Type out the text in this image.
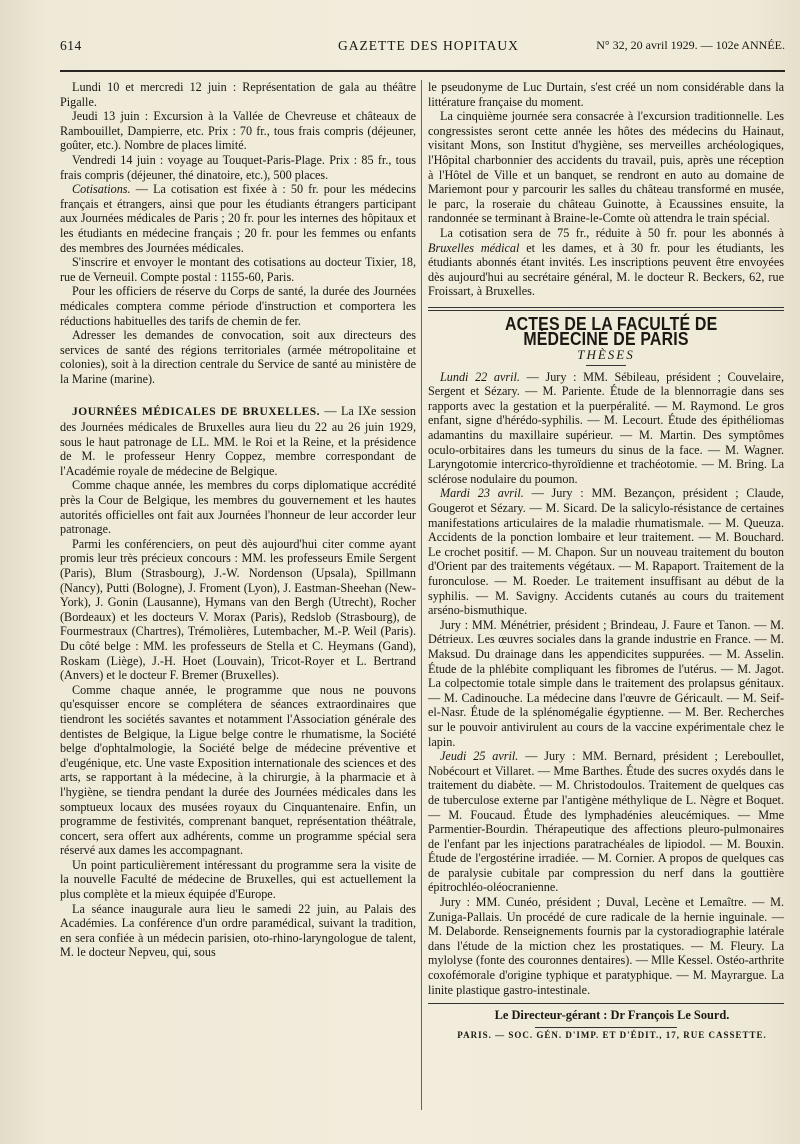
614	GAZETTE DES HOPITAUX	N° 32, 20 avril 1929. — 102e ANNÉE.

Lundi 10 et mercredi 12 juin : Représentation de gala au théâtre Pigalle.

Jeudi 13 juin : Excursion à la Vallée de Chevreuse et châteaux de Rambouillet, Dampierre, etc. Prix : 70 fr., tous frais compris (déjeuner, goûter, etc.). Nombre de places limité.

Vendredi 14 juin : voyage au Touquet-Paris-Plage. Prix : 85 fr., tous frais compris (déjeuner, thé dinatoire, etc.), 500 places.

Cotisations. — La cotisation est fixée à : 50 fr. pour les médecins français et étrangers, ainsi que pour les étudiants étrangers participant aux Journées médicales de Paris ; 20 fr. pour les internes des hôpitaux et les étudiants en médecine français ; 20 fr. pour les femmes ou enfants des membres des Journées médicales.

S'inscrire et envoyer le montant des cotisations au docteur Tixier, 18, rue de Verneuil. Compte postal : 1155-60, Paris.

Pour les officiers de réserve du Corps de santé, la durée des Journées médicales comptera comme période d'instruction et comportera les réductions habituelles des tarifs de chemin de fer.

Adresser les demandes de convocation, soit aux directeurs des services de santé des régions territoriales (armée métropolitaine et colonies), soit à la direction centrale du Service de santé au ministère de la Marine (marine).

JOURNÉES MÉDICALES DE BRUXELLES. — La IXe session des Journées médicales de Bruxelles aura lieu du 22 au 26 juin 1929, sous le haut patronage de LL. MM. le Roi et la Reine, et la présidence de M. le professeur Henry Coppez, membre correspondant de l'Académie royale de médecine de Belgique.

Comme chaque année, les membres du corps diplomatique accrédité près la Cour de Belgique, les membres du gouvernement et les hautes autorités officielles ont fait aux Journées l'honneur de leur accorder leur patronage.

Parmi les conférenciers, on peut dès aujourd'hui citer comme ayant promis leur très précieux concours : MM. les professeurs Emile Sergent (Paris), Blum (Strasbourg), J.-W. Nordenson (Upsala), Spillmann (Nancy), Putti (Bologne), J. Froment (Lyon), J. Eastman-Sheehan (New-York), J. Gonin (Lausanne), Hymans van den Bergh (Utrecht), Rocher (Bordeaux) et les docteurs V. Morax (Paris), Redslob (Strasbourg), de Fourmestraux (Chartres), Trémolières, Lutembacher, M.-P. Weil (Paris). Du côté belge : MM. les professeurs de Stella et C. Heymans (Gand), Roskam (Liège), J.-H. Hoet (Louvain), Tricot-Royer et L. Bertrand (Anvers) et le docteur F. Bremer (Bruxelles).

Comme chaque année, le programme que nous ne pouvons qu'esquisser encore se complétera de séances extraordinaires que tiendront les sociétés savantes et notamment l'Association générale des dentistes de Belgique, la Ligue belge contre le rhumatisme, la Société belge d'ophtalmologie, la Société belge de médecine préventive et d'eugénique, etc. Une vaste Exposition internationale des sciences et des arts, se rapportant à la médecine, à la chirurgie, à la pharmacie et à l'hygiène, se tiendra pendant la durée des Journées médicales dans les somptueux locaux des musées royaux du Cinquantenaire. Enfin, un programme de festivités, comprenant banquet, représentation théâtrale, concert, sera offert aux adhérents, comme un programme spécial sera réservé aux dames les accompagnant.

Un point particulièrement intéressant du programme sera la visite de la nouvelle Faculté de médecine de Bruxelles, qui est actuellement la plus complète et la mieux équipée d'Europe.

La séance inaugurale aura lieu le samedi 22 juin, au Palais des Académies. La conférence d'un ordre paramédical, suivant la tradition, en sera confiée à un médecin parisien, oto-rhino-laryngologue de talent, M. le docteur Nepveu, qui, sous

le pseudonyme de Luc Durtain, s'est créé un nom considérable dans la littérature française du moment.

La cinquième journée sera consacrée à l'excursion traditionnelle. Les congressistes seront cette année les hôtes des médecins du Hainaut, visitant Mons, son Institut d'hygiène, ses merveilles archéologiques, l'Hôpital charbonnier des accidents du travail, puis, après une réception à l'Hôtel de Ville et un banquet, se rendront en auto au domaine de Mariemont pour y parcourir les salles du château transformé en musée, le parc, la roseraie du château Guinotte, à Ecaussines ensuite, la randonnée se terminant à Braine-le-Comte où attendra le train spécial.

La cotisation sera de 75 fr., réduite à 50 fr. pour les abonnés à Bruxelles médical et les dames, et à 30 fr. pour les étudiants, les étudiants abonnés étant invités. Les inscriptions peuvent être envoyées dès aujourd'hui au secrétaire général, M. le docteur R. Beckers, 62, rue Froissart, à Bruxelles.

ACTES DE LA FACULTÉ DE MÉDECINE DE PARIS

THÈSES

Lundi 22 avril. — Jury : MM. Sébileau, président ; Couvelaire, Sergent et Sézary. — M. Pariente. Étude de la blennorragie dans ses rapports avec la gestation et la puerpéralité. — M. Raymond. Le gros enfant, signe d'hérédo-syphilis. — M. Lecourt. Étude des épithéliomas adamantins du maxillaire supérieur. — M. Martin. Des symptômes oculo-orbitaires dans les tumeurs du sinus de la face. — M. Wagner. Laryngotomie intercrico-thyroïdienne et trachéotomie. — M. Bring. La sclérose nodulaire du poumon.

Mardi 23 avril. — Jury : MM. Bezançon, président ; Claude, Gougerot et Sézary. — M. Sicard. De la salicylo-résistance de certaines manifestations articulaires de la maladie rhumatismale. — M. Queuza. Accidents de la ponction lombaire et leur traitement. — M. Bouchard. Le crochet positif. — M. Chapon. Sur un nouveau traitement du bouton d'Orient par des traitements végétaux. — M. Rapaport. Traitement de la furonculose. — M. Roeder. Le traitement insuffisant au début de la syphilis. — M. Savigny. Accidents cutanés au cours du traitement arséno-bismuthique.

Jury : MM. Ménétrier, président ; Brindeau, J. Faure et Tanon. — M. Détrieux. Les œuvres sociales dans la grande industrie en France. — M. Maksud. Du drainage dans les appendicites suppurées. — M. Asselin. Étude de la phlébite compliquant les fibromes de l'utérus. — M. Jagot. La colpectomie totale simple dans le traitement des prolapsus génitaux. — M. Cadinouche. La médecine dans l'œuvre de Géricault. — M. Seif-el-Nasr. Étude de la splénomégalie égyptienne. — M. Ber. Recherches sur le pouvoir antivirulent au cours de la vaccine expérimentale chez le lapin.

Jeudi 25 avril. — Jury : MM. Bernard, président ; Lereboullet, Nobécourt et Villaret. — Mme Barthes. Étude des sucres oxydés dans le traitement du diabète. — M. Christodoulos. Traitement de quelques cas de tuberculose externe par l'antigène méthylique de L. Nègre et Boquet. — M. Foucaud. Étude des lymphadénies aleucémiques. — Mme Parmentier-Bourdin. Thérapeutique des affections pleuro-pulmonaires de l'enfant par les injections paratrachéales de lipiodol. — M. Bouxin. Étude de l'ergostérine irradiée. — M. Cornier. A propos de quelques cas de paralysie cubitale par compression du nerf dans la gouttière épitrochléo-oléocranienne.

Jury : MM. Cunéo, président ; Duval, Lecène et Lemaître. — M. Zuniga-Pallais. Un procédé de cure radicale de la hernie inguinale. — M. Delaborde. Renseignements fournis par la cystoradiographie latérale dans l'étude de la miction chez les prostatiques. — M. Fleury. La mylolyse (fonte des couronnes dentaires). — Mlle Kessel. Ostéo-arthrite coxofémorale d'origine typhique et paratyphique. — M. Mayrargue. La linite plastique gastro-intestinale.

Le Directeur-gérant : Dr François Le Sourd.

PARIS. — SOC. GÉN. D'IMP. ET D'ÉDIT., 17, RUE CASSETTE.
